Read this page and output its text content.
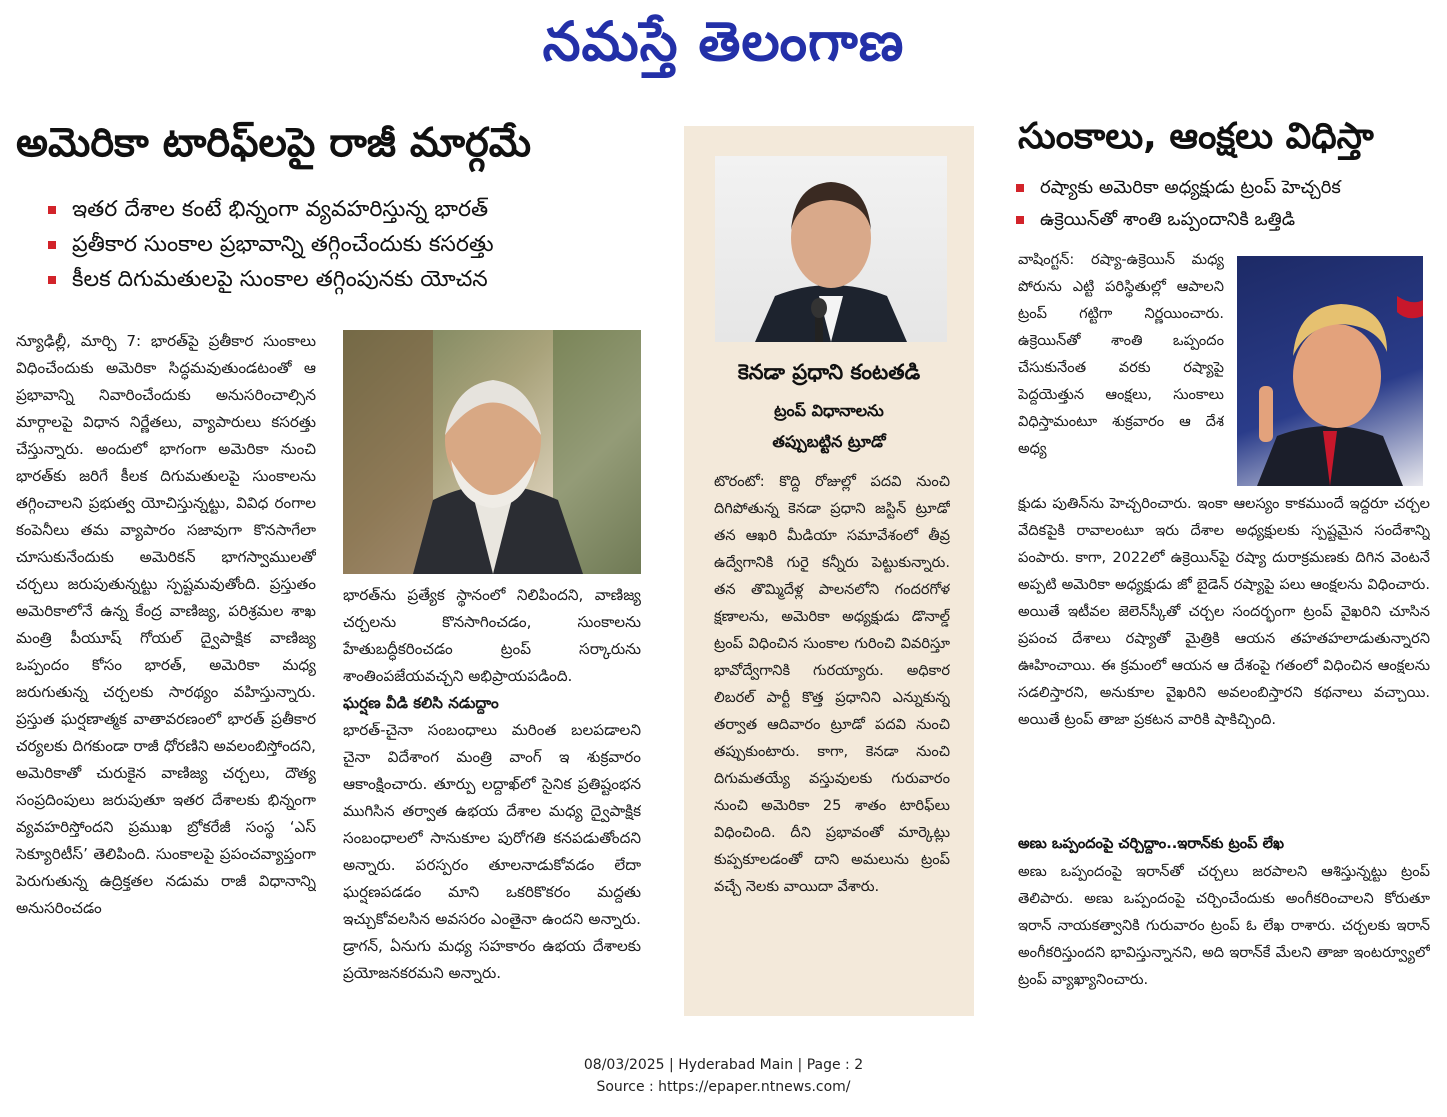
నమస్తే తెలంగాణ
అమెరికా టారిఫ్‌లపై రాజీ మార్గమే
ఇతర దేశాల కంటే భిన్నంగా వ్యవహరిస్తున్న భారత్
ప్రతీకార సుంకాల ప్రభావాన్ని తగ్గించేందుకు కసరత్తు
కీలక దిగుమతులపై సుంకాల తగ్గింపునకు యోచన

న్యూఢిల్లీ, మార్చి 7: భారత్‌పై ప్రతీకార సుంకాలు విధించేందుకు అమెరికా సిద్ధమవుతుండటంతో ఆ ప్రభావాన్ని నివారించేందుకు అనుసరించాల్సిన మార్గాలపై విధాన నిర్ణేతలు, వ్యాపారులు కసరత్తు చేస్తున్నారు. అందులో భాగంగా అమెరికా నుంచి భారత్‌కు జరిగే కీలక దిగుమతులపై సుంకాలను తగ్గించాలని ప్రభుత్వ యోచిస్తున్నట్టు, వివిధ రంగాల కంపెనీలు తమ వ్యాపారం సజావుగా కొనసాగేలా చూసుకునేందుకు అమెరికన్ భాగస్వాములతో చర్చలు జరుపుతున్నట్టు స్పష్టమవుతోంది. ప్రస్తుతం అమెరికాలోనే ఉన్న కేంద్ర వాణిజ్య, పరిశ్రమల శాఖ మంత్రి పీయూష్ గోయల్ ద్వైపాక్షిక వాణిజ్య ఒప్పందం కోసం భారత్, అమెరికా మధ్య జరుగుతున్న చర్చలకు సారథ్యం వహిస్తున్నారు. ప్రస్తుత ఘర్షణాత్మక వాతావరణంలో భారత్ ప్రతీకార చర్యలకు దిగకుండా రాజీ ధోరణిని అవలంబిస్తోందని, అమెరికాతో చురుకైన వాణిజ్య చర్చలు, దౌత్య సంప్రదింపులు జరుపుతూ ఇతర దేశాలకు భిన్నంగా వ్యవహరిస్తోందని ప్రముఖ బ్రోకరేజీ సంస్థ ‘ఎస్ సెక్యూరిటీస్’ తెలిపింది. సుంకాలపై ప్రపంచవ్యాప్తంగా పెరుగుతున్న ఉద్రిక్తతల నడుమ రాజీ విధానాన్ని అనుసరించడం

భారత్‌ను ప్రత్యేక స్థానంలో నిలిపిందని, వాణిజ్య చర్చలను కొనసాగించడం, సుంకాలను హేతుబద్ధీకరించడం ట్రంప్ సర్కారును శాంతింపజేయవచ్చని అభిప్రాయపడింది.

ఘర్షణ వీడి కలిసి నడుద్దాం

భారత్-చైనా సంబంధాలు మరింత బలపడాలని చైనా విదేశాంగ మంత్రి వాంగ్ ఇ శుక్రవారం ఆకాంక్షించారు. తూర్పు లద్దాఖ్‌లో సైనిక ప్రతిష్టంభన ముగిసిన తర్వాత ఉభయ దేశాల మధ్య ద్వైపాక్షిక సంబంధాలలో సానుకూల పురోగతి కనపడుతోందని అన్నారు. పరస్పరం తూలనాడుకోవడం లేదా ఘర్షణపడడం మాని ఒకరికొకరం మద్దతు ఇచ్చుకోవలసిన అవసరం ఎంతైనా ఉందని అన్నారు. డ్రాగన్, ఏనుగు మధ్య సహకారం ఉభయ దేశాలకు ప్రయోజనకరమని అన్నారు.

కెనడా ప్రధాని కంటతడి
ట్రంప్ విధానాలను
తప్పుబట్టిన ట్రూడో

టొరంటో: కొద్ది రోజుల్లో పదవి నుంచి దిగిపోతున్న కెనడా ప్రధాని జస్టిన్ ట్రూడో తన ఆఖరి మీడియా సమావేశంలో తీవ్ర ఉద్వేగానికి గురై కన్నీరు పెట్టుకున్నారు. తన తొమ్మిదేళ్ల పాలనలోని గందరగోళ క్షణాలను, అమెరికా అధ్యక్షుడు డొనాల్డ్ ట్రంప్ విధించిన సుంకాల గురించి వివరిస్తూ భావోద్వేగానికి గురయ్యారు. అధికార లిబరల్ పార్టీ కొత్త ప్రధానిని ఎన్నుకున్న తర్వాత ఆదివారం ట్రూడో పదవి నుంచి తప్పుకుంటారు. కాగా, కెనడా నుంచి దిగుమతయ్యే వస్తువులకు గురువారం నుంచి అమెరికా 25 శాతం టారిఫ్‌లు విధించింది. దీని ప్రభావంతో మార్కెట్లు కుప్పకూలడంతో దాని అమలును ట్రంప్ వచ్చే నెలకు వాయిదా వేశారు.

సుంకాలు, ఆంక్షలు విధిస్తా
రష్యాకు అమెరికా అధ్యక్షుడు ట్రంప్ హెచ్చరిక
ఉక్రెయిన్‌తో శాంతి ఒప్పందానికి ఒత్తిడి

వాషింగ్టన్: రష్యా-ఉక్రెయిన్ మధ్య పోరును ఎట్టి పరిస్థితుల్లో ఆపాలని ట్రంప్ గట్టిగా నిర్ణయించారు. ఉక్రెయిన్‌తో శాంతి ఒప్పందం చేసుకునేంత వరకు రష్యాపై పెద్దయెత్తున ఆంక్షలు, సుంకాలు విధిస్తామంటూ శుక్రవారం ఆ దేశ అధ్య

క్షుడు పుతిన్‌ను హెచ్చరించారు. ఇంకా ఆలస్యం కాకముందే ఇద్దరూ చర్చల వేదికపైకి రావాలంటూ ఇరు దేశాల అధ్యక్షులకు స్పష్టమైన సందేశాన్ని పంపారు. కాగా, 2022లో ఉక్రెయిన్‌పై రష్యా దురాక్రమణకు దిగిన వెంటనే అప్పటి అమెరికా అధ్యక్షుడు జో బైడెన్ రష్యాపై పలు ఆంక్షలను విధించారు. అయితే ఇటీవల జెలెన్‌స్కీతో చర్చల సందర్భంగా ట్రంప్ వైఖరిని చూసిన ప్రపంచ దేశాలు రష్యాతో మైత్రికి ఆయన తహతహలాడుతున్నారని ఊహించాయి. ఈ క్రమంలో ఆయన ఆ దేశంపై గతంలో విధించిన ఆంక్షలను సడలిస్తారని, అనుకూల వైఖరిని అవలంబిస్తారని కథనాలు వచ్చాయి. అయితే ట్రంప్ తాజా ప్రకటన వారికి షాకిచ్చింది.

అణు ఒప్పందంపై చర్చిద్దాం..ఇరాన్‌కు ట్రంప్ లేఖ

అణు ఒప్పందంపై ఇరాన్‌తో చర్చలు జరపాలని ఆశిస్తున్నట్టు ట్రంప్ తెలిపారు. అణు ఒప్పందంపై చర్చించేందుకు అంగీకరించాలని కోరుతూ ఇరాన్ నాయకత్వానికి గురువారం ట్రంప్ ఓ లేఖ రాశారు. చర్చలకు ఇరాన్ అంగీకరిస్తుందని భావిస్తున్నానని, అది ఇరాన్‌కే మేలని తాజా ఇంటర్వ్యూలో ట్రంప్ వ్యాఖ్యానించారు.

08/03/2025 | Hyderabad Main | Page : 2
Source : https://epaper.ntnews.com/
